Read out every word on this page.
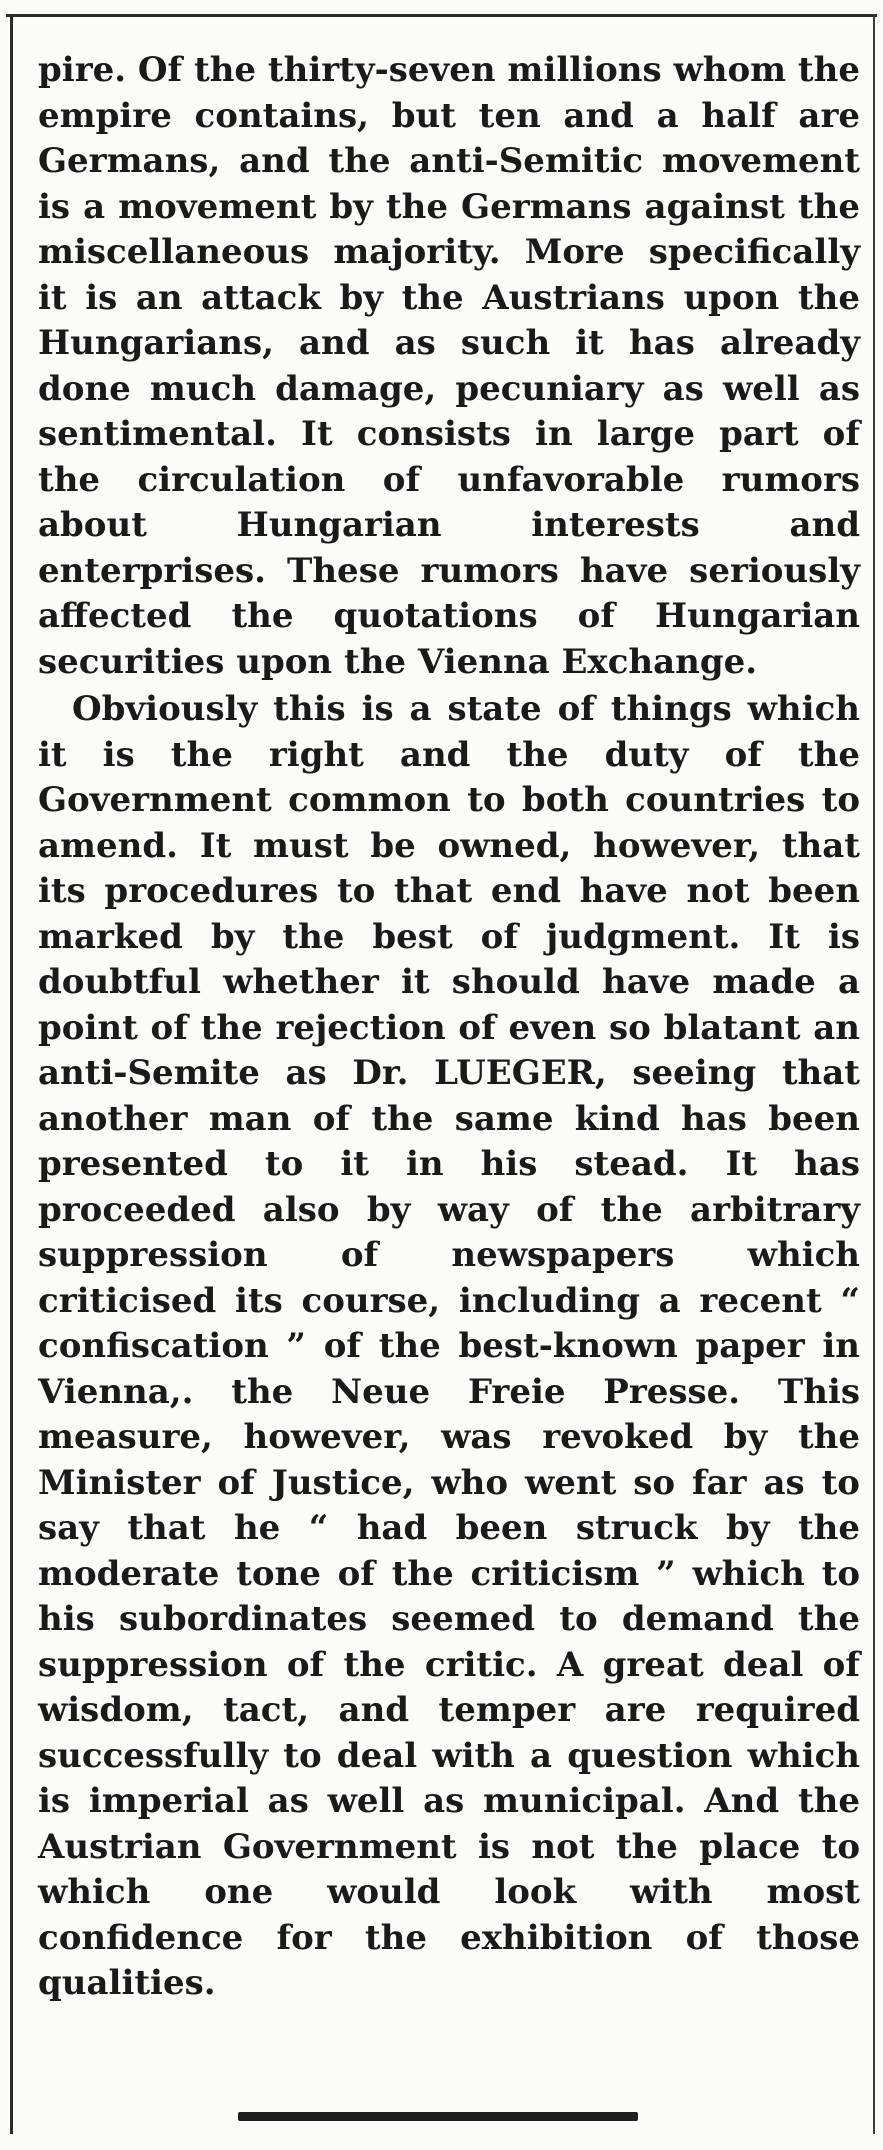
pire. Of the thirty-seven millions whom the empire contains, but ten and a half are Germans, and the anti-Semitic movement is a movement by the Germans against the miscellaneous majority. More specifically it is an attack by the Austrians upon the Hungarians, and as such it has already done much damage, pecuniary as well as sentimental. It consists in large part of the circulation of unfavorable rumors about Hungarian interests and enterprises. These rumors have seriously affected the quotations of Hungarian securities upon the Vienna Exchange.

Obviously this is a state of things which it is the right and the duty of the Government common to both countries to amend. It must be owned, however, that its procedures to that end have not been marked by the best of judgment. It is doubtful whether it should have made a point of the rejection of even so blatant an anti-Semite as Dr. LUEGER, seeing that another man of the same kind has been presented to it in his stead. It has proceeded also by way of the arbitrary suppression of newspapers which criticised its course, including a recent “ confiscation ” of the best-known paper in Vienna,. the Neue Freie Presse. This measure, however, was revoked by the Minister of Justice, who went so far as to say that he “ had been struck by the moderate tone of the criticism ” which to his subordinates seemed to demand the suppression of the critic. A great deal of wisdom, tact, and temper are required successfully to deal with a question which is imperial as well as municipal. And the Austrian Government is not the place to which one would look with most confidence for the exhibition of those qualities.
